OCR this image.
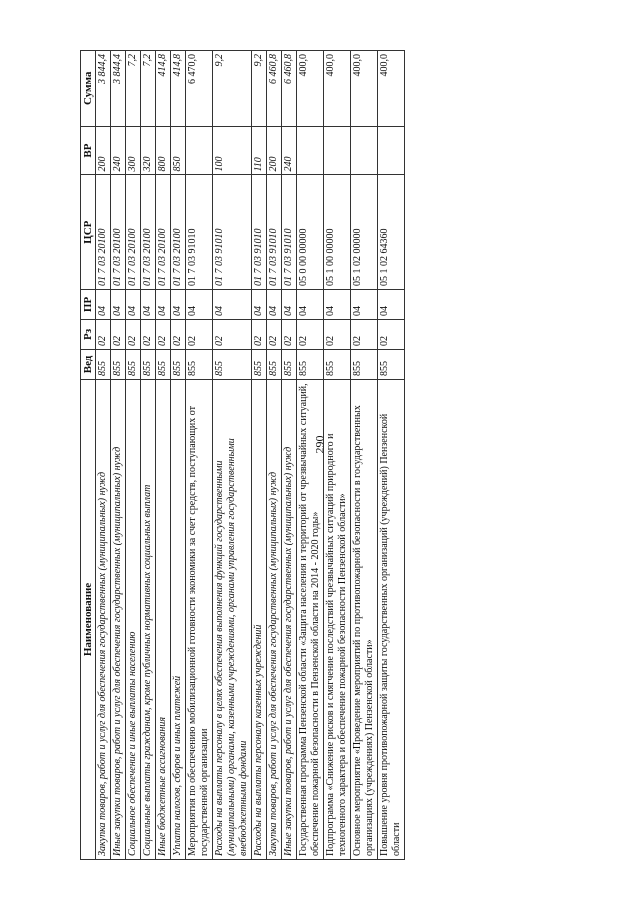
290
Наименование	Вед	Рз	ПР	ЦСР	ВР	Сумма
Закупка товаров, работ и услуг для обеспечения государственных (муниципальных) нужд	855	02	04	01 7 03 20100	200	3 844,4
Иные закупки товаров, работ и услуг для обеспечения государственных (муниципальных) нужд	855	02	04	01 7 03 20100	240	3 844,4
Социальное обеспечение и иные выплаты населению	855	02	04	01 7 03 20100	300	7,2
Социальные выплаты гражданам, кроме публичных нормативных социальных выплат	855	02	04	01 7 03 20100	320	7,2
Иные бюджетные ассигнования	855	02	04	01 7 03 20100	800	414,8
Уплата налогов, сборов и иных платежей	855	02	04	01 7 03 20100	850	414,8
Мероприятия по обеспечению мобилизационной готовности экономики за счет средств, поступающих от государственной организации	855	02	04	01 7 03 91010		6 470,0
Расходы на выплаты персоналу в целях обеспечения выполнения функций государственными (муниципальными) органами, казенными учреждениями, органами управления государственными внебюджетными фондами	855	02	04	01 7 03 91010	100	9,2
Расходы на выплаты персоналу казенных учреждений	855	02	04	01 7 03 91010	110	9,2
Закупка товаров, работ и услуг для обеспечения государственных (муниципальных) нужд	855	02	04	01 7 03 91010	200	6 460,8
Иные закупки товаров, работ и услуг для обеспечения государственных (муниципальных) нужд	855	02	04	01 7 03 91010	240	6 460,8
Государственная программа Пензенской области «Защита населения и территорий от чрезвычайных ситуаций, обеспечение пожарной безопасности в Пензенской области на 2014 - 2020 годы»	855	02	04	05 0 00 00000		400,0
Подпрограмма «Снижение рисков и смягчение последствий чрезвычайных ситуаций природного и техногенного характера и обеспечение пожарной безопасности Пензенской области»	855	02	04	05 1 00 00000		400,0
Основное мероприятие «Проведение мероприятий по противопожарной безопасности в государственных организациях (учреждениях) Пензенской области»	855	02	04	05 1 02 00000		400,0
Повышение уровня противопожарной защиты государственных организаций (учреждений) Пензенской области	855	02	04	05 1 02 64360		400,0
